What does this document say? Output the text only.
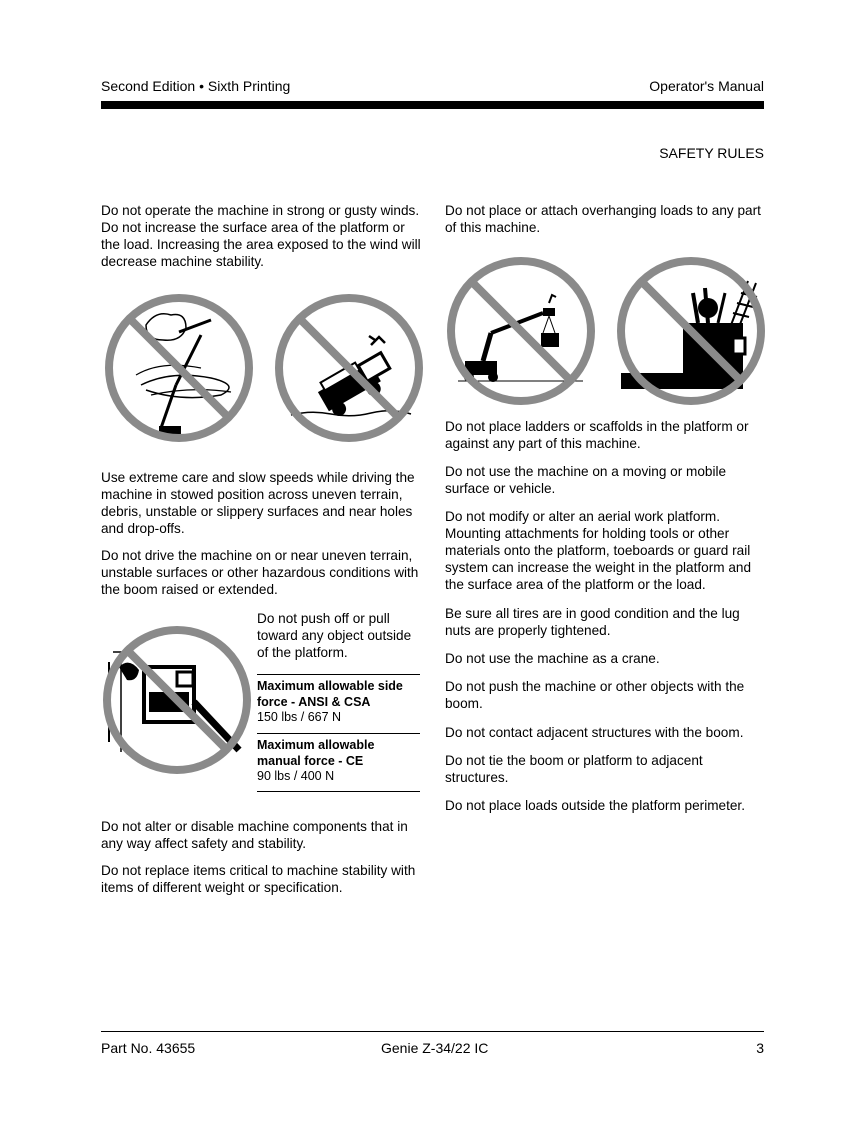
Second Edition • Sixth Printing	Operator's Manual
SAFETY RULES

Do not operate the machine in strong or gusty winds. Do not increase the surface area of the platform or the load. Increasing the area exposed to the wind will decrease machine stability.

Use extreme care and slow speeds while driving the machine in stowed position across uneven terrain, debris, unstable or slippery surfaces and near holes and drop-offs.

Do not drive the machine on or near uneven terrain, unstable surfaces or other hazardous conditions with the boom raised or extended.

Do not push off or pull toward any object outside of the platform.

Maximum allowable side force - ANSI & CSA
150 lbs / 667 N
Maximum allowable manual force - CE
90 lbs / 400 N

Do not alter or disable machine components that in any way affect safety and stability.

Do not replace items critical to machine stability with items of different weight or specification.

Do not place or attach overhanging loads to any part of this machine.

Do not place ladders or scaffolds in the platform or against any part of this machine.

Do not use the machine on a moving or mobile surface or vehicle.

Do not modify or alter an aerial work platform. Mounting attachments for holding tools or other materials onto the platform, toeboards or guard rail system can increase the weight in the platform and the surface area of the platform or the load.

Be sure all tires are in good condition and the lug nuts are properly tightened.

Do not use the machine as a crane.

Do not push the machine or other objects with the boom.

Do not contact adjacent structures with the boom.

Do not tie the boom or platform to adjacent structures.

Do not place loads outside the platform perimeter.

Part No. 43655	Genie Z-34/22 IC	3
